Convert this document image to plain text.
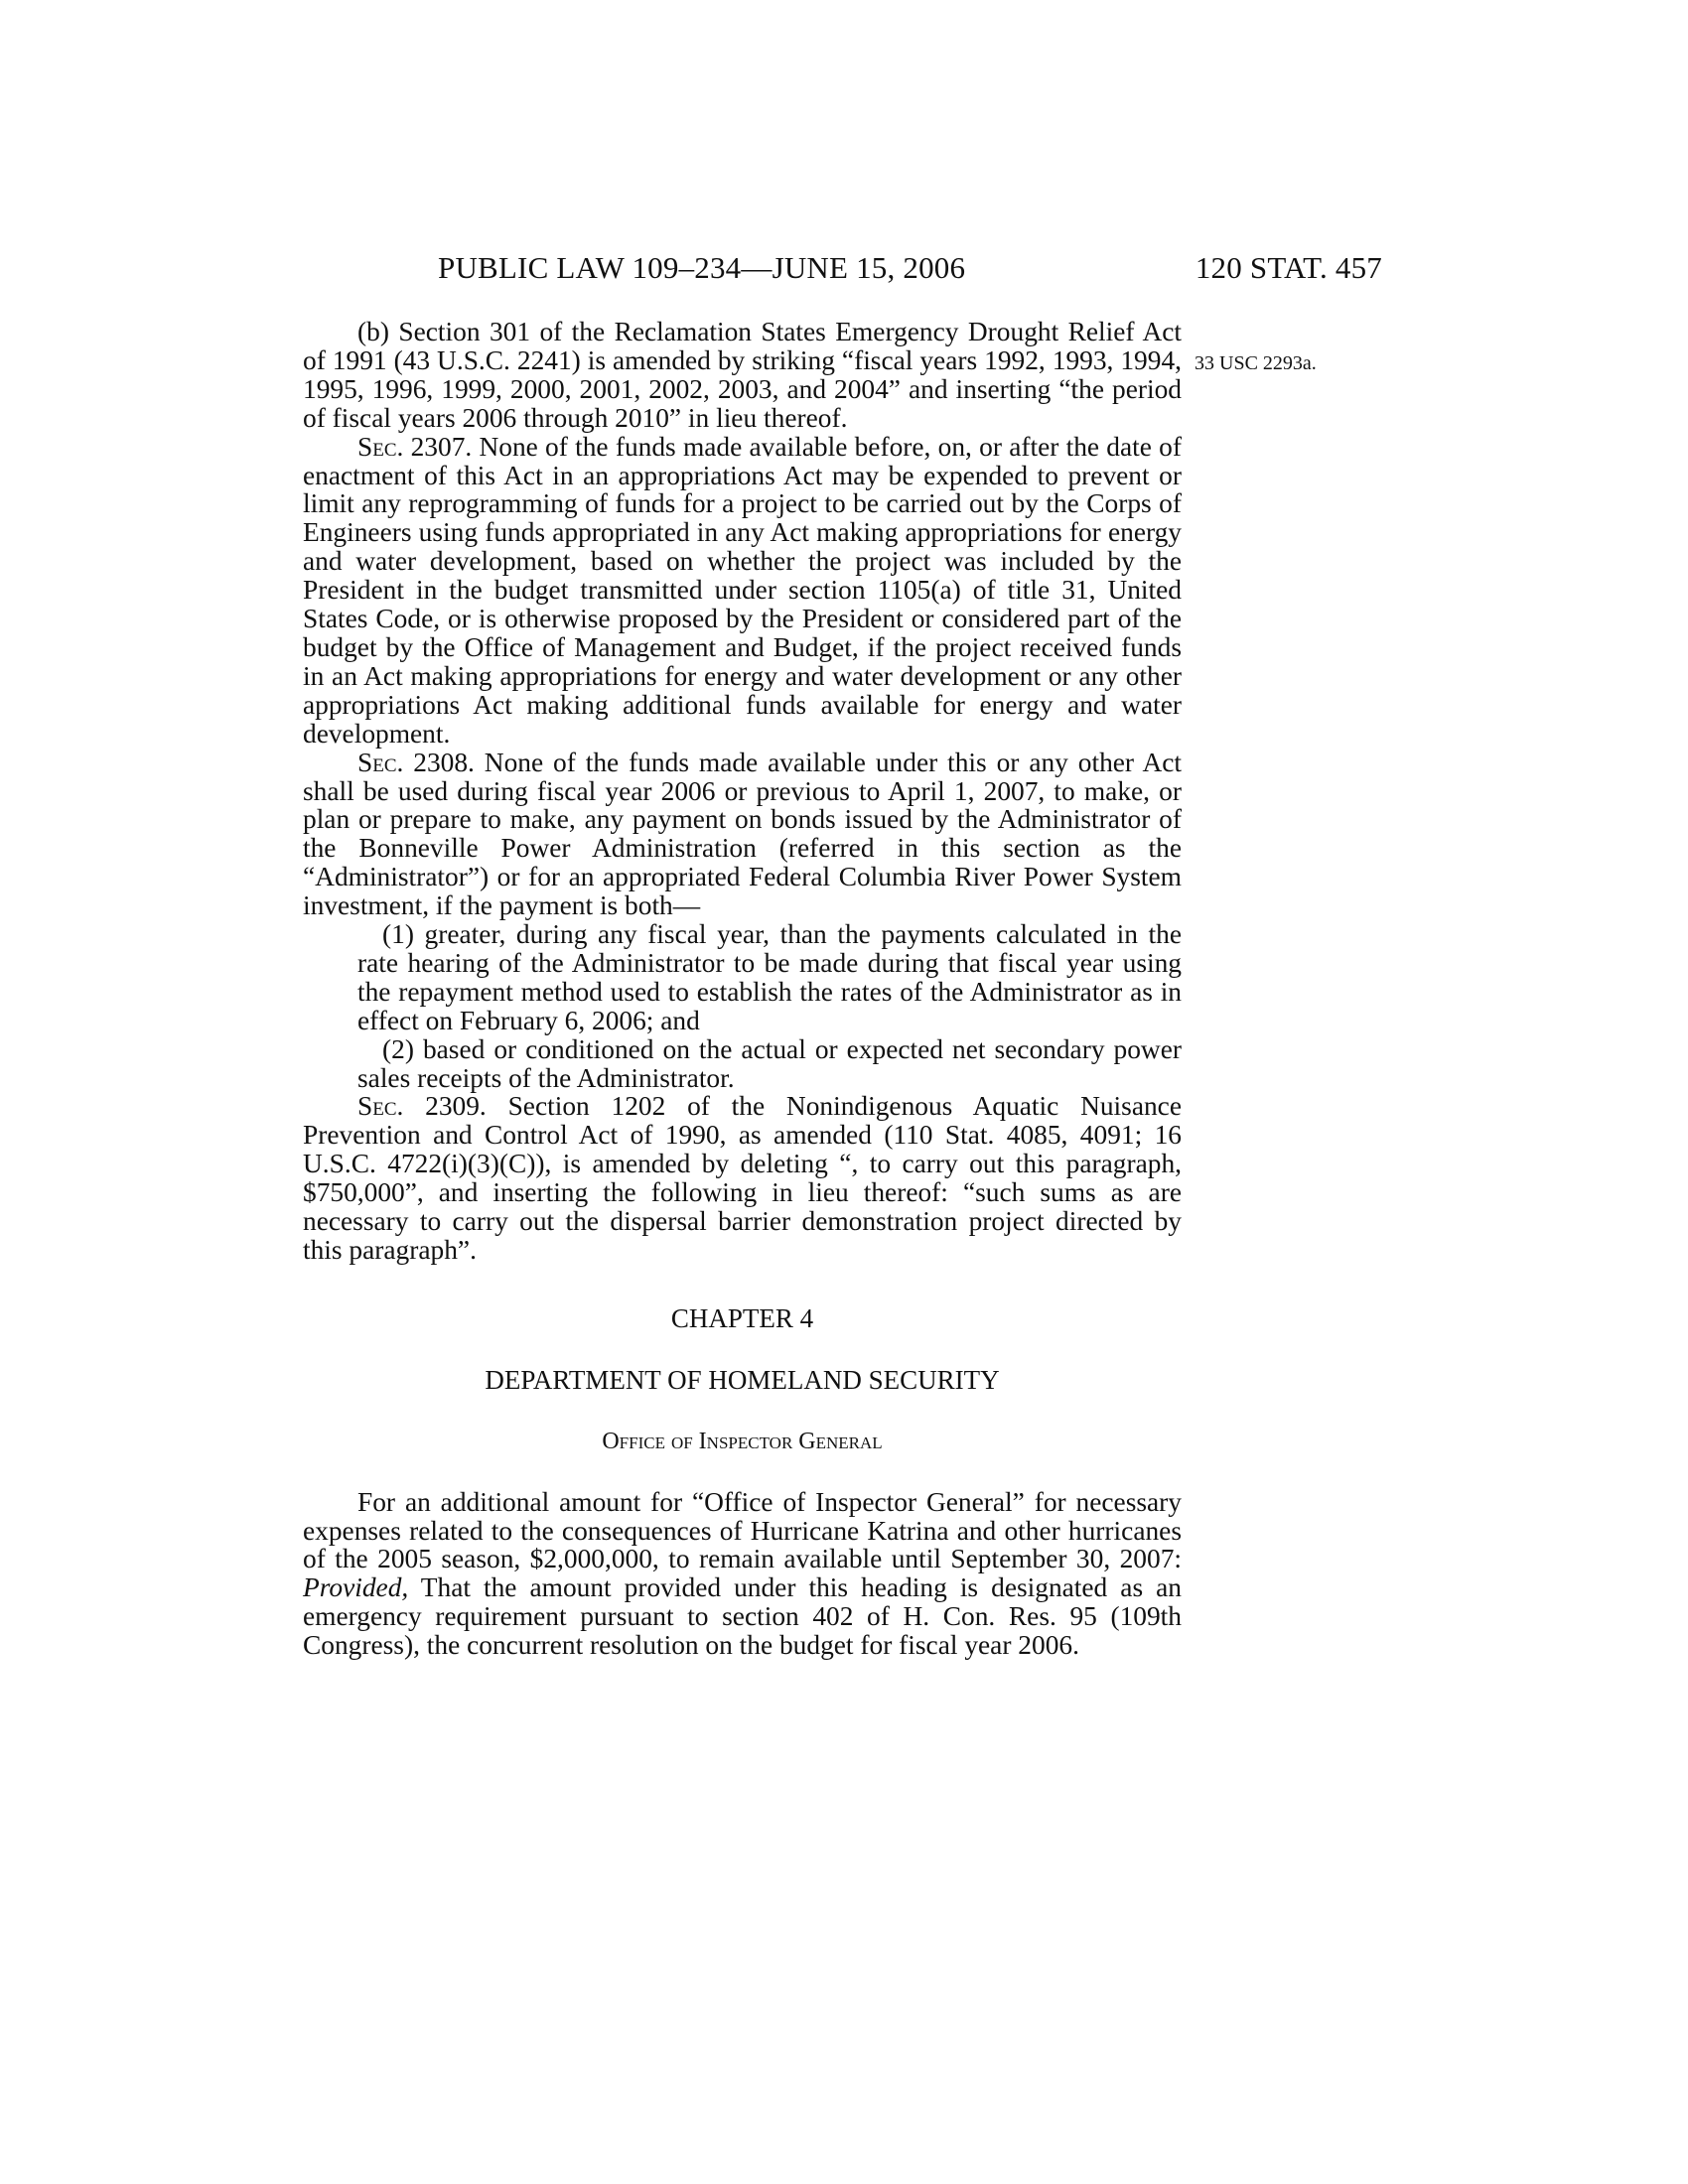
PUBLIC LAW 109–234—JUNE 15, 2006	120 STAT. 457
33 USC 2293a.

(b) Section 301 of the Reclamation States Emergency Drought Relief Act of 1991 (43 U.S.C. 2241) is amended by striking “fiscal years 1992, 1993, 1994, 1995, 1996, 1999, 2000, 2001, 2002, 2003, and 2004” and inserting “the period of fiscal years 2006 through 2010” in lieu thereof.

Sec. 2307. None of the funds made available before, on, or after the date of enactment of this Act in an appropriations Act may be expended to prevent or limit any reprogramming of funds for a project to be carried out by the Corps of Engineers using funds appropriated in any Act making appropriations for energy and water development, based on whether the project was included by the President in the budget transmitted under section 1105(a) of title 31, United States Code, or is otherwise proposed by the President or considered part of the budget by the Office of Management and Budget, if the project received funds in an Act making appropriations for energy and water development or any other appropriations Act making additional funds available for energy and water development.

Sec. 2308. None of the funds made available under this or any other Act shall be used during fiscal year 2006 or previous to April 1, 2007, to make, or plan or prepare to make, any payment on bonds issued by the Administrator of the Bonneville Power Administration (referred in this section as the “Administrator”) or for an appropriated Federal Columbia River Power System investment, if the payment is both—

(1) greater, during any fiscal year, than the payments calculated in the rate hearing of the Administrator to be made during that fiscal year using the repayment method used to establish the rates of the Administrator as in effect on February 6, 2006; and

(2) based or conditioned on the actual or expected net secondary power sales receipts of the Administrator.

Sec. 2309. Section 1202 of the Nonindigenous Aquatic Nuisance Prevention and Control Act of 1990, as amended (110 Stat. 4085, 4091; 16 U.S.C. 4722(i)(3)(C)), is amended by deleting “, to carry out this paragraph, $750,000”, and inserting the following in lieu thereof: “such sums as are necessary to carry out the dispersal barrier demonstration project directed by this paragraph”.

CHAPTER 4

DEPARTMENT OF HOMELAND SECURITY

Office of Inspector General

For an additional amount for “Office of Inspector General” for necessary expenses related to the consequences of Hurricane Katrina and other hurricanes of the 2005 season, $2,000,000, to remain available until September 30, 2007: Provided, That the amount provided under this heading is designated as an emergency requirement pursuant to section 402 of H. Con. Res. 95 (109th Congress), the concurrent resolution on the budget for fiscal year 2006.
